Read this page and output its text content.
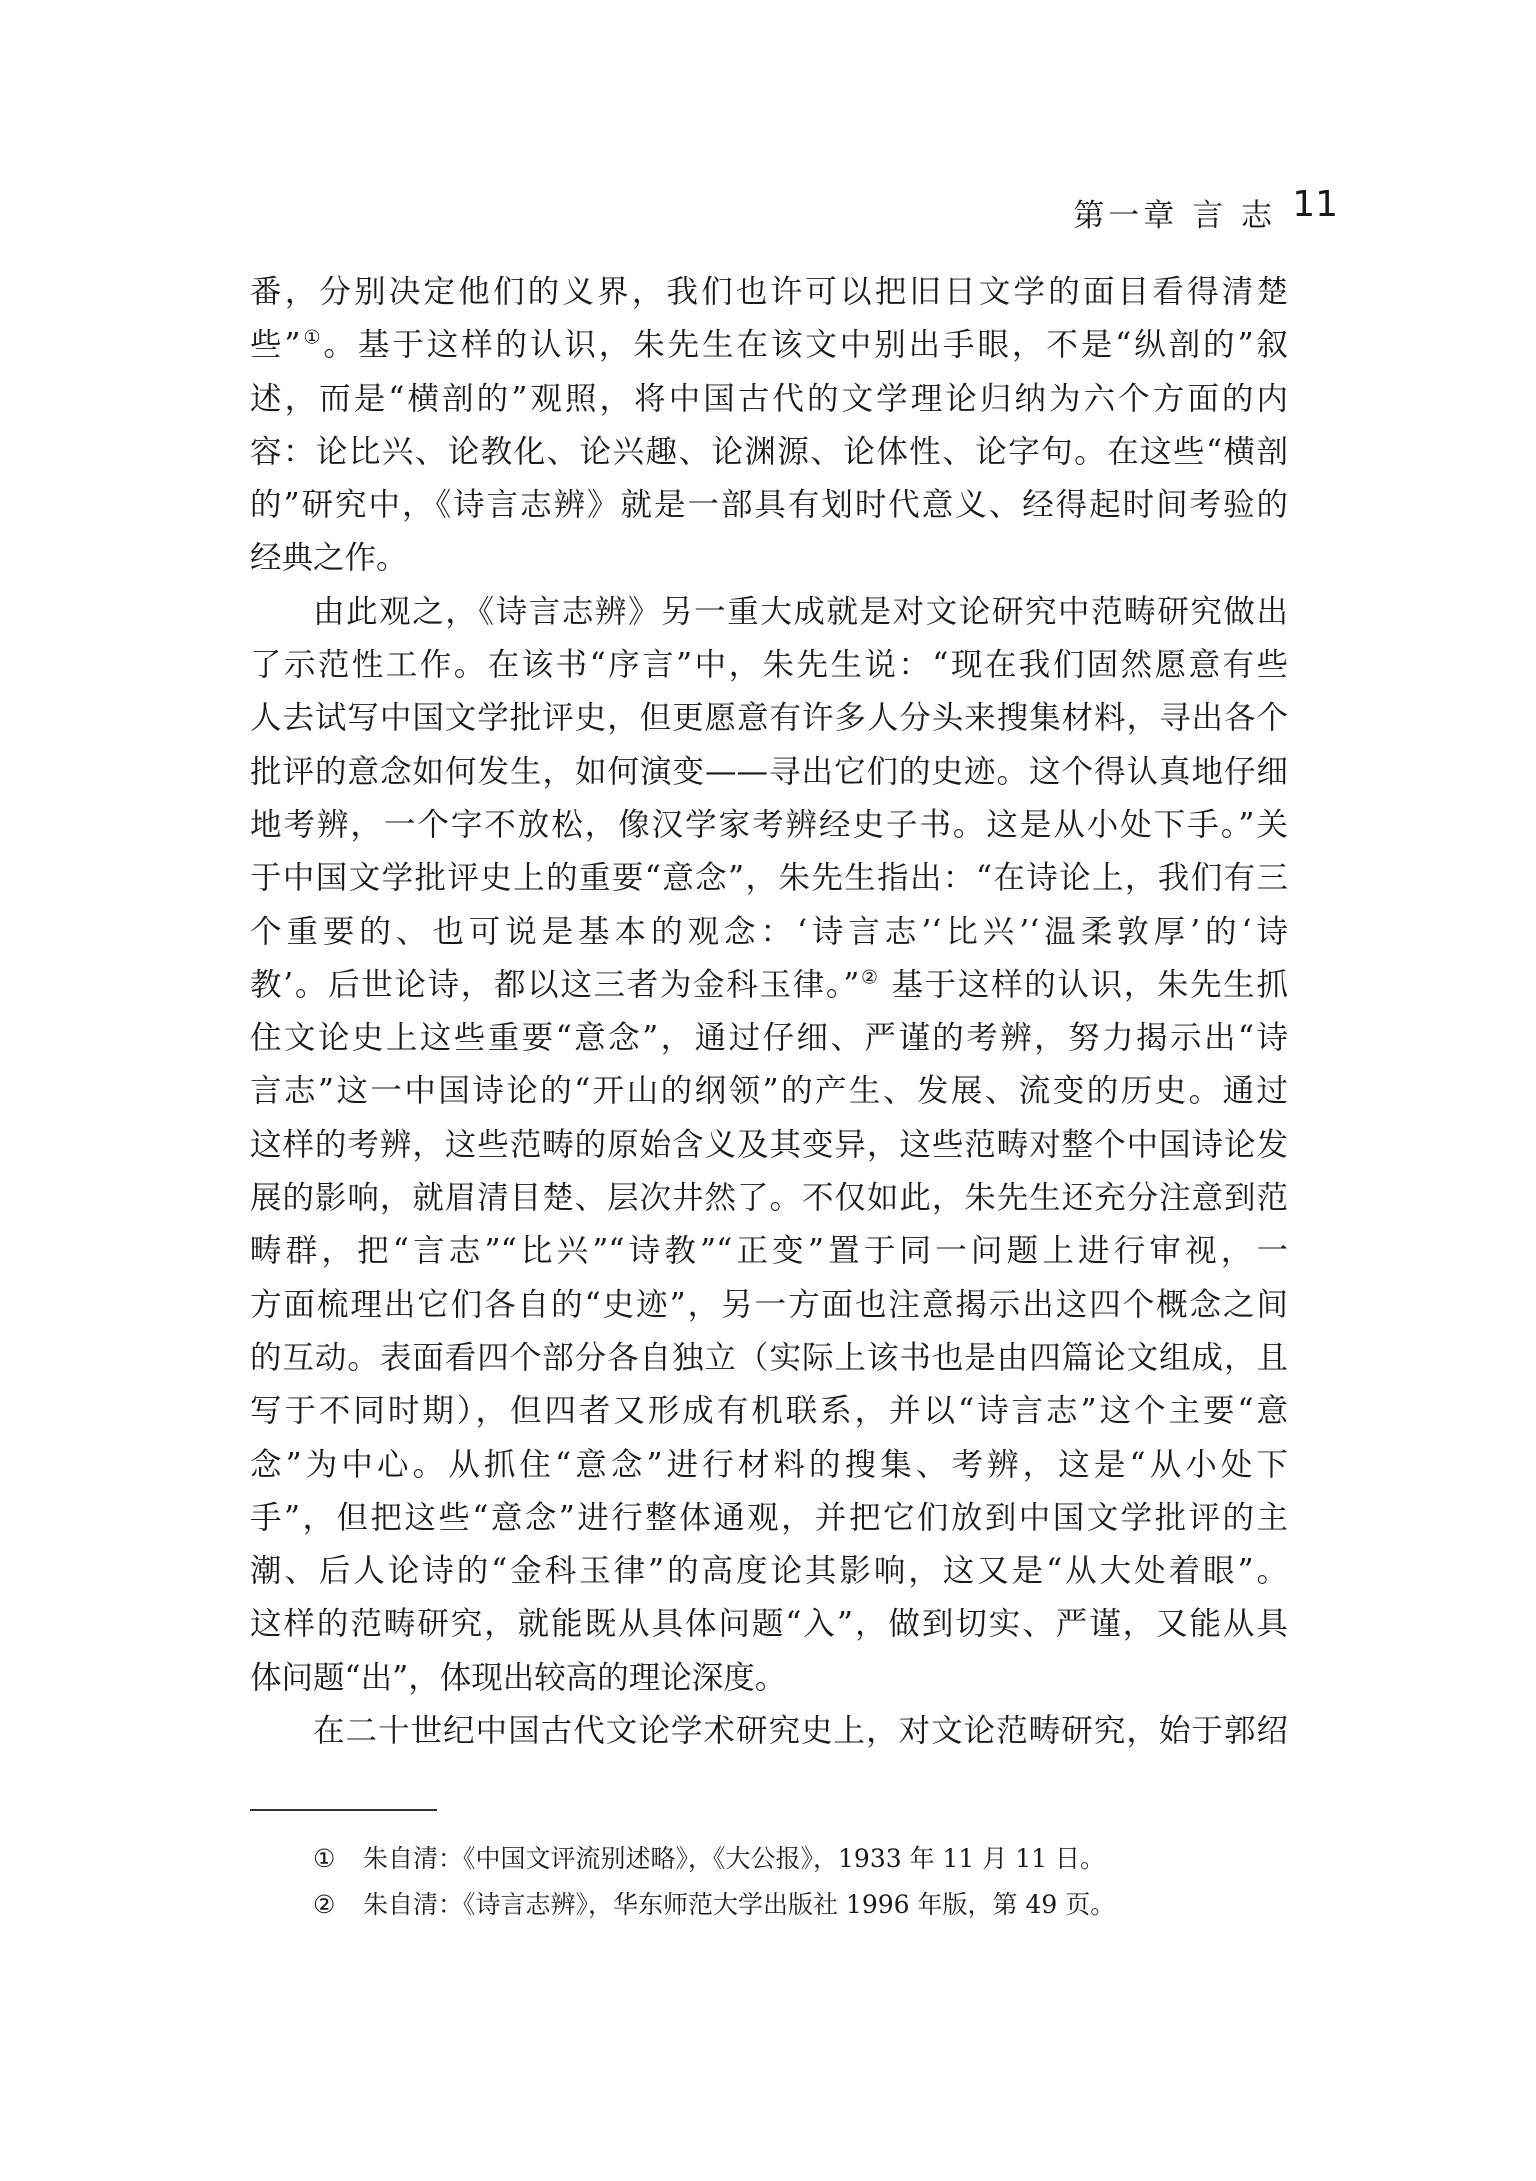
第一章 言 志 11
番，分别决定他们的义界，我们也许可以把旧日文学的面目看得清楚
些”①。基于这样的认识，朱先生在该文中别出手眼，不是“纵剖的”叙
述，而是“横剖的”观照，将中国古代的文学理论归纳为六个方面的内
容：论比兴、论教化、论兴趣、论渊源、论体性、论字句。在这些“横剖
的”研究中，《诗言志辨》就是一部具有划时代意义、经得起时间考验的
经典之作。
由此观之，《诗言志辨》另一重大成就是对文论研究中范畴研究做出
了示范性工作。在该书“序言”中，朱先生说：“现在我们固然愿意有些
人去试写中国文学批评史，但更愿意有许多人分头来搜集材料，寻出各个
批评的意念如何发生，如何演变——寻出它们的史迹。这个得认真地仔细
地考辨，一个字不放松，像汉学家考辨经史子书。这是从小处下手。”关
于中国文学批评史上的重要“意念”，朱先生指出：“在诗论上，我们有三
个重要的、也可说是基本的观念：‘诗言志’‘比兴’‘温柔敦厚’的‘诗
教’。后世论诗，都以这三者为金科玉律。”② 基于这样的认识，朱先生抓
住文论史上这些重要“意念”，通过仔细、严谨的考辨，努力揭示出“诗
言志”这一中国诗论的“开山的纲领”的产生、发展、流变的历史。通过
这样的考辨，这些范畴的原始含义及其变异，这些范畴对整个中国诗论发
展的影响，就眉清目楚、层次井然了。不仅如此，朱先生还充分注意到范
畴群，把“言志”“比兴”“诗教”“正变”置于同一问题上进行审视，一
方面梳理出它们各自的“史迹”，另一方面也注意揭示出这四个概念之间
的互动。表面看四个部分各自独立（实际上该书也是由四篇论文组成，且
写于不同时期），但四者又形成有机联系，并以“诗言志”这个主要“意
念”为中心。从抓住“意念”进行材料的搜集、考辨，这是“从小处下
手”，但把这些“意念”进行整体通观，并把它们放到中国文学批评的主
潮、后人论诗的“金科玉律”的高度论其影响，这又是“从大处着眼”。
这样的范畴研究，就能既从具体问题“入”，做到切实、严谨，又能从具
体问题“出”，体现出较高的理论深度。
在二十世纪中国古代文论学术研究史上，对文论范畴研究，始于郭绍
① 朱自清：《中国文评流别述略》，《大公报》，1933 年 11 月 11 日。
② 朱自清：《诗言志辨》，华东师范大学出版社 1996 年版，第 49 页。
